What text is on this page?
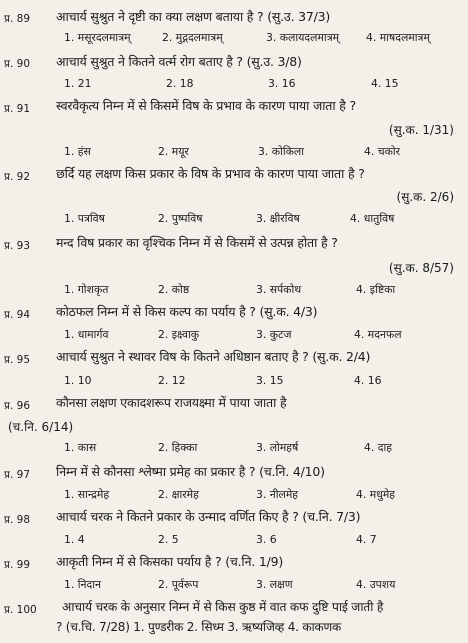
प्र. 89 आचार्य सुश्रुत ने दृष्टी का क्या लक्षण बताया है ? (सु.उ. 37/3)
1. मसूरदलमात्रम्	2. मुद्गदलमात्रम्	3. कलायदलमात्रम् 4. माषदलमात्रम्
प्र. 90 आचार्य सुश्रुत ने कितने वर्त्म रोग बताए है ? (सु.उ. 3/8)
1. 21	2. 18	3. 16	4. 15
प्र. 91 स्वरवैकृत्य निम्न में से किसमें विष के प्रभाव के कारण पाया जाता है ?
(सु.क. 1/31)
1. हंस	2. मयूर	3. कोकिला	4. चकोर
प्र. 92 छर्दि यह लक्षण किस प्रकार के विष के प्रभाव के कारण पाया जाता है ?
(सु.क. 2/6)
1. पत्रविष	2. पुष्पविष	3. क्षीरविष	4. धातुविष
प्र. 93 मन्द विष प्रकार का वृश्चिक निम्न में से किसमें से उत्पन्न होता है ?
(सु.क. 8/57)
1. गोशकृत	2. कोष्ठ	3. सर्पकोथ	4. इष्टिका
प्र. 94 कोठफल निम्न में से किस कल्प का पर्याय है ? (सु.क. 4/3)
1. धामार्गव	2. इक्ष्वाकु	3. कुटज	4. मदनफल
प्र. 95 आचार्य सुश्रुत ने स्थावर विष के कितने अधिष्ठान बताए है ? (सु.क. 2/4)
1. 10	2. 12	3. 15	4. 16
प्र. 96 कौनसा लक्षण एकादशरूप राजयक्ष्मा में पाया जाता है
(च.नि. 6/14)
1. कास	2. हिक्का	3. लोमहर्ष	4. दाह
प्र. 97 निम्न में से कौनसा श्लेष्मा प्रमेह का प्रकार है ? (च.नि. 4/10)
1. सान्द्रमेह	2. क्षारमेह	3. नीलमेह	4. मधुमेह
प्र. 98 आचार्य चरक ने कितने प्रकार के उन्माद वर्णित किए है ? (च.नि. 7/3)
1. 4	2. 5	3. 6	4. 7
प्र. 99 आकृती निम्न में से किसका पर्याय है ? (च.नि. 1/9)
1. निदान	2. पूर्वरूप	3. लक्षण	4. उपशय
प्र. 100 आचार्य चरक के अनुसार निम्न में से किस कुष्ठ में वात कफ दुष्टि पाई जाती है
? (च.चि. 7/28) 1. पुण्डरीक 2. सिध्म 3. ऋष्यजिव्ह 4. काकणक
